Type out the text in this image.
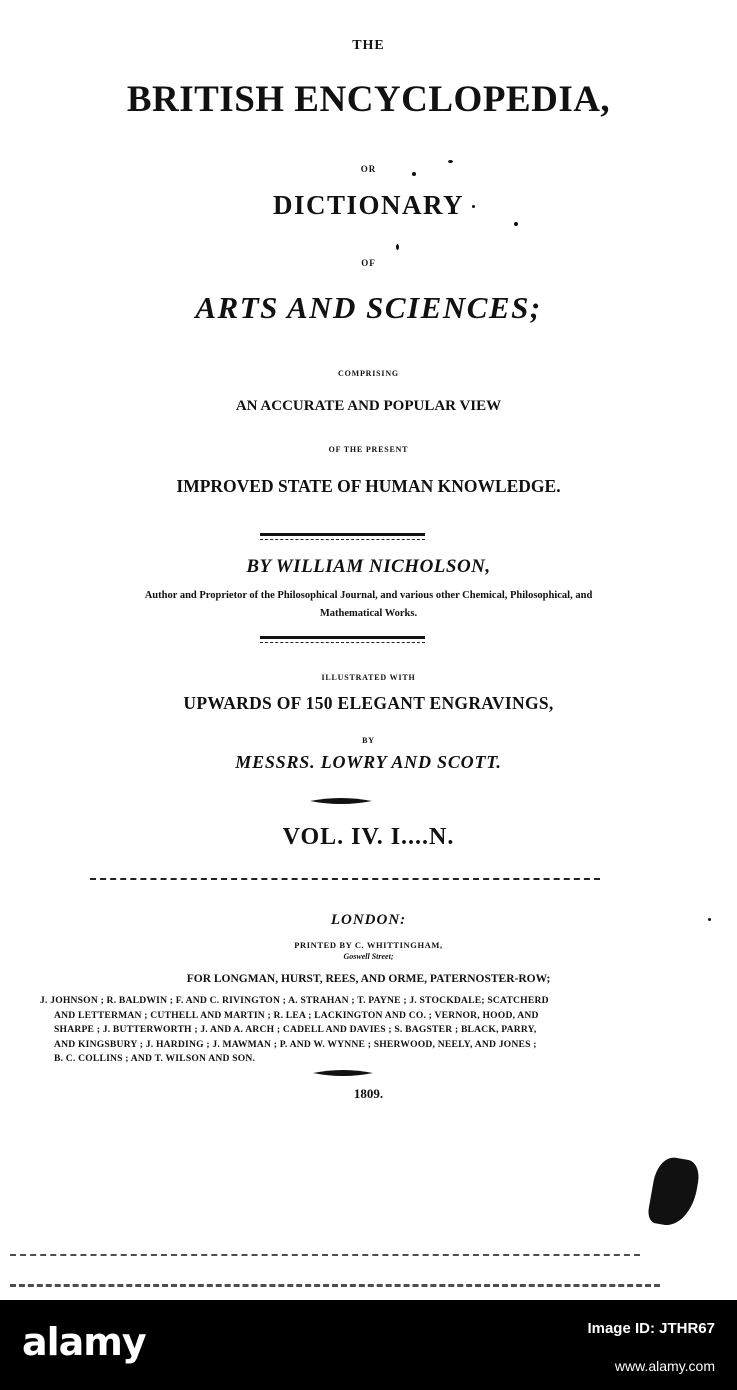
THE
BRITISH ENCYCLOPEDIA,
OR
DICTIONARY
OF
ARTS AND SCIENCES;
COMPRISING
AN ACCURATE AND POPULAR VIEW
OF THE PRESENT
IMPROVED STATE OF HUMAN KNOWLEDGE.
BY WILLIAM NICHOLSON,
Author and Proprietor of the Philosophical Journal, and various other Chemical, Philosophical, and
Mathematical Works.
ILLUSTRATED WITH
UPWARDS OF 150 ELEGANT ENGRAVINGS,
BY
MESSRS. LOWRY AND SCOTT.
VOL. IV. I....N.
LONDON:
PRINTED BY C. WHITTINGHAM,
Goswell Street;
FOR LONGMAN, HURST, REES, AND ORME, PATERNOSTER-ROW;
J. JOHNSON ; R. BALDWIN ; F. AND C. RIVINGTON ; A. STRAHAN ; T. PAYNE ; J. STOCKDALE; SCATCHERD
AND LETTERMAN ; CUTHELL AND MARTIN ; R. LEA ; LACKINGTON AND CO. ; VERNOR, HOOD, AND
SHARPE ; J. BUTTERWORTH ; J. AND A. ARCH ; CADELL AND DAVIES ; S. BAGSTER ; BLACK, PARRY,
AND KINGSBURY ; J. HARDING ; J. MAWMAN ; P. AND W. WYNNE ; SHERWOOD, NEELY, AND JONES ;
B. C. COLLINS ; AND T. WILSON AND SON.
1809.
alamy	Image ID: JTHR67
www.alamy.com
